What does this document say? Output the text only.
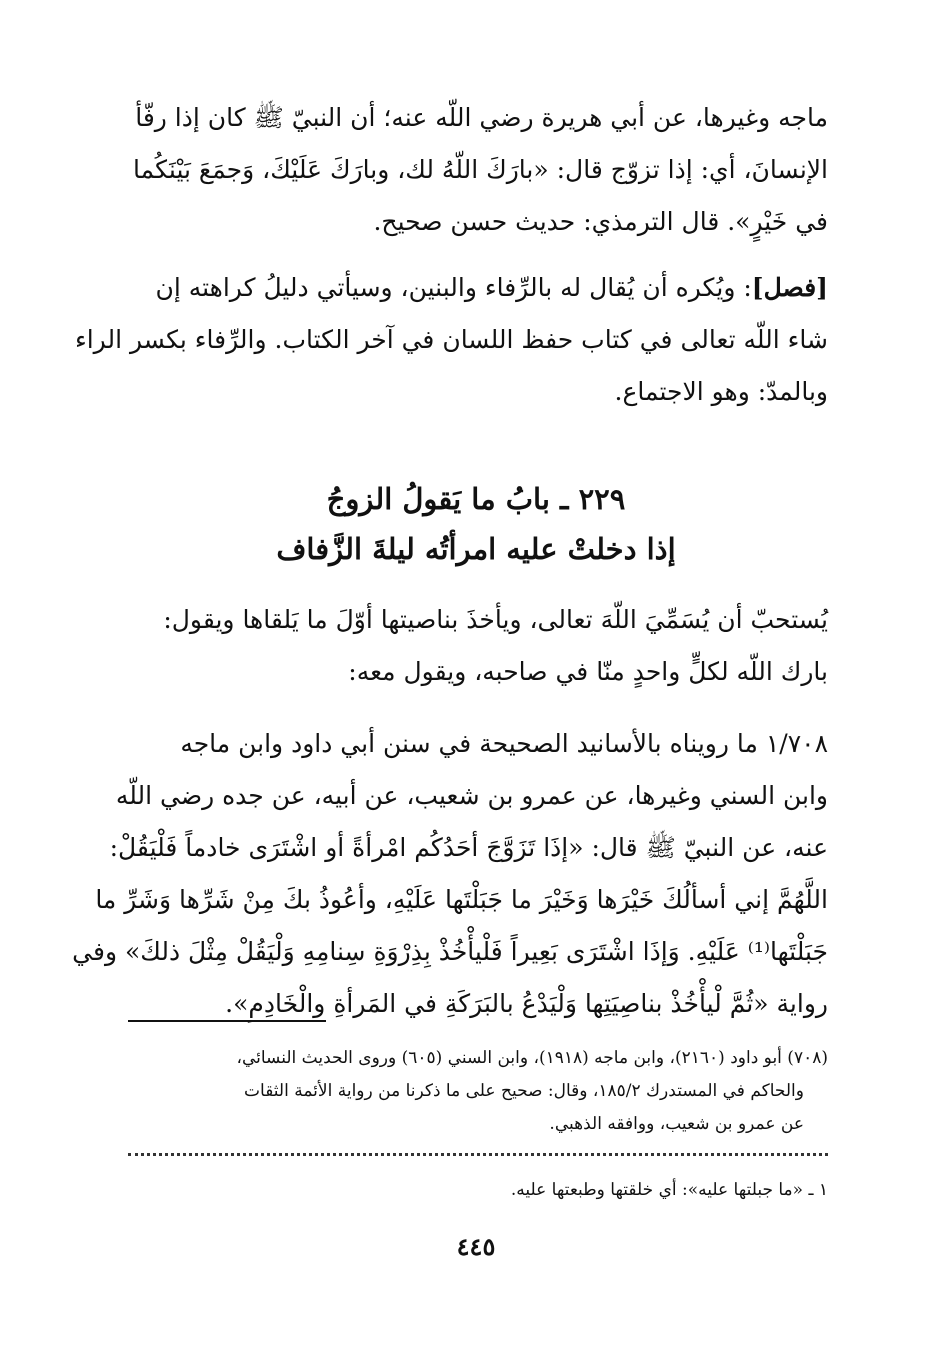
ماجه وغيرها، عن أبي هريرة رضي اللّه عنه؛ أن النبيّ ﷺ كان إذا رفّأ
الإنسانَ، أي: إذا تزوّج قال: «بارَكَ اللّهُ لك، وبارَكَ عَلَيْكَ، وَجمَعَ بَيْنَكُما
في خَيْرٍ». قال الترمذي: حديث حسن صحيح.
[فصل]: ويُكره أن يُقال له بالرِّفاء والبنين، وسيأتي دليلُ كراهته إن
شاء اللّه تعالى في كتاب حفظ اللسان في آخر الكتاب. والرِّفاء بكسر الراء
وبالمدّ: وهو الاجتماع.
٢٢٩ ـ بابُ ما يَقولُ الزوجُ
إذا دخلتْ عليه امرأتُه ليلةَ الزَّفاف
يُستحبّ أن يُسَمِّيَ اللّهَ تعالى، ويأخذَ بناصيتها أوّلَ ما يَلقاها ويقول:
بارك اللّه لكلٍّ واحدٍ منّا في صاحبه، ويقول معه:
١/٧٠٨ ما رويناه بالأسانيد الصحيحة في سنن أبي داود وابن ماجه
وابن السني وغيرها، عن عمرو بن شعيب، عن أبيه، عن جده رضي اللّه
عنه، عن النبيّ ﷺ قال: «إذَا تَزَوَّجَ أحَدُكُم امْرأةً أو اشْتَرَى خادماً فَلْيَقُلْ:
اللَّهُمَّ إني أسألُكَ خَيْرَها وَخَيْرَ ما جَبَلْتَها عَلَيْهِ، وأعُوذُ بكَ مِنْ شَرِّها وَشَرِّ ما
جَبَلْتَها⁽¹⁾ عَلَيْهِ. وَإذَا اشْتَرَى بَعِيراً فَلْيأْخُذْ بِذِرْوَةِ سِنامِهِ وَلْيَقُلْ مِثْلَ ذلكَ» وفي
رواية «ثُمَّ لْيأْخُذْ بناصِيَتِها وَلْيَدْعُ بالبَرَكَةِ في المَرأةِ والْخَادِمِ».
(٧٠٨) أبو داود (٢١٦٠)، وابن ماجه (١٩١٨)، وابن السني (٦٠٥) وروى الحديث النسائي،
والحاكم في المستدرك ١٨٥/٢، وقال: صحيح على ما ذكرنا من رواية الأئمة الثقات
عن عمرو بن شعيب، ووافقه الذهبي.
١ ـ «ما جبلتها عليه»: أي خلقتها وطبعتها عليه.
٤٤٥
